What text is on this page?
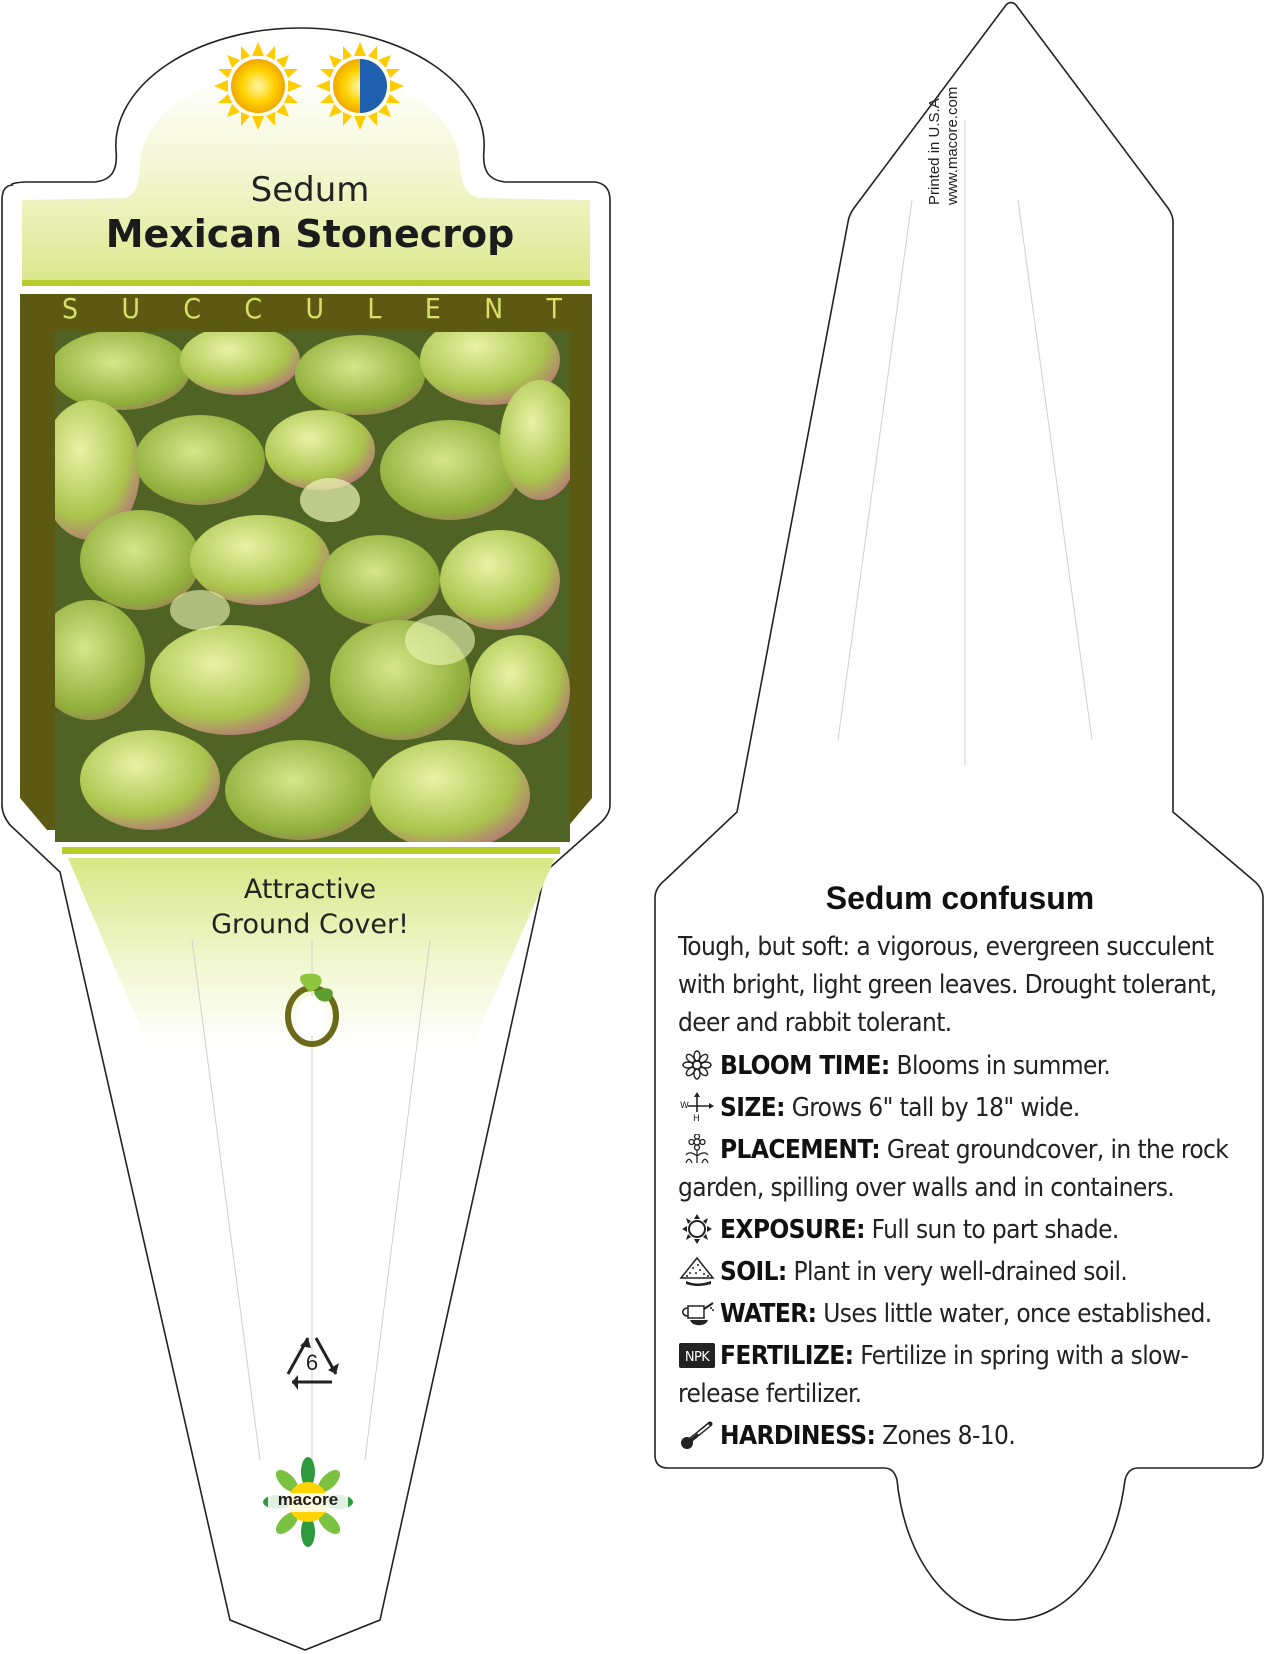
Sedum
Mexican Stonecrop
S U C C U L E N T
Attractive
Ground Cover!
6
macore
Printed in U.S.A. www.macore.com
Sedum confusum
Tough, but soft: a vigorous, evergreen succulent with bright, light green leaves. Drought tolerant, deer and rabbit tolerant.
BLOOM TIME: Blooms in summer.
W
H SIZE: Grows 6" tall by 18" wide.
PLACEMENT: Great groundcover, in the rock garden, spilling over walls and in containers.
EXPOSURE: Full sun to part shade.
SOIL: Plant in very well-drained soil.
WATER: Uses little water, once established.
NPK FERTILIZE: Fertilize in spring with a slow-release fertilizer.
HARDINESS: Zones 8-10.
